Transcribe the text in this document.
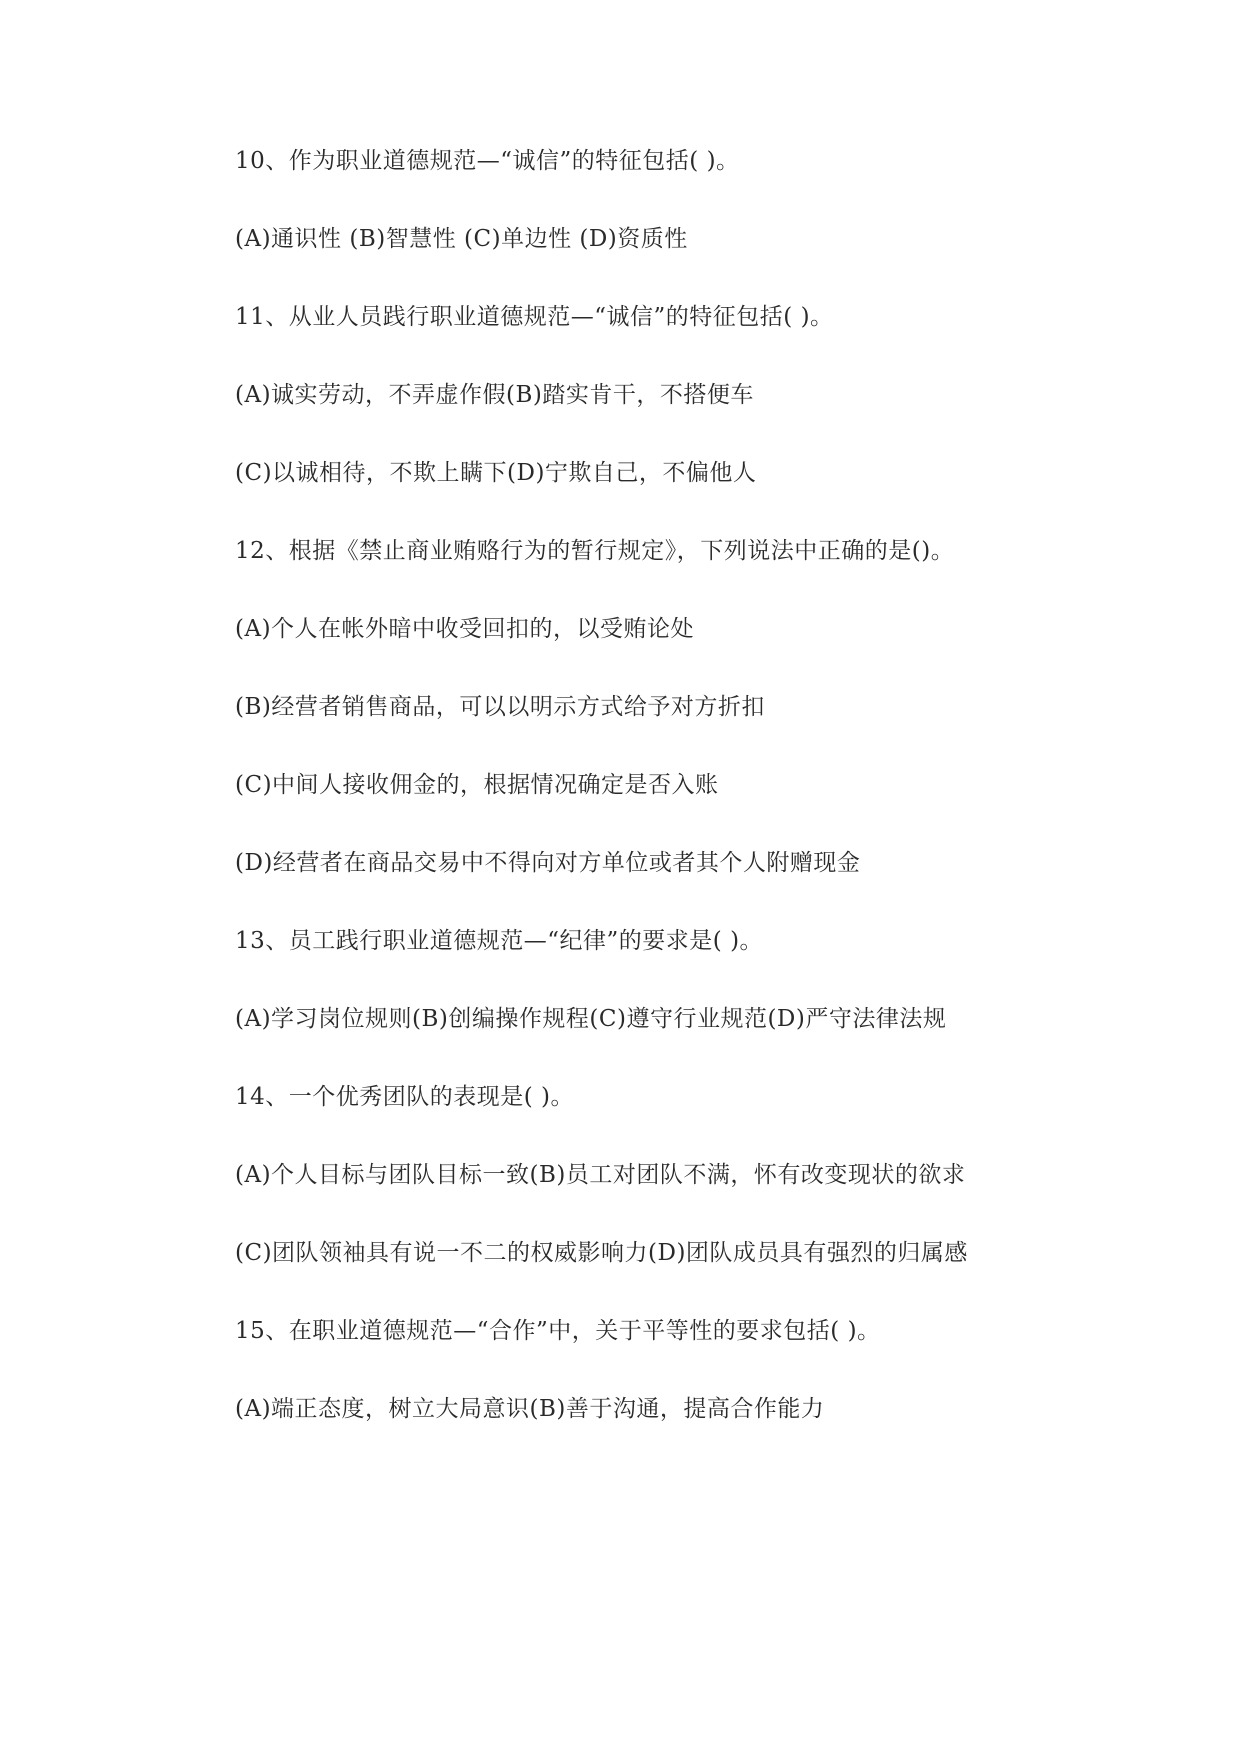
10、作为职业道德规范—“诚信”的特征包括( )。
(A)通识性 (B)智慧性 (C)单边性 (D)资质性
11、从业人员践行职业道德规范—“诚信”的特征包括( )。
(A)诚实劳动，不弄虚作假(B)踏实肯干，不搭便车
(C)以诚相待，不欺上瞒下(D)宁欺自己，不偏他人
12、根据《禁止商业贿赂行为的暂行规定》，下列说法中正确的是()。
(A)个人在帐外暗中收受回扣的，以受贿论处
(B)经营者销售商品，可以以明示方式给予对方折扣
(C)中间人接收佣金的，根据情况确定是否入账
(D)经营者在商品交易中不得向对方单位或者其个人附赠现金
13、员工践行职业道德规范—“纪律”的要求是( )。
(A)学习岗位规则(B)创编操作规程(C)遵守行业规范(D)严守法律法规
14、一个优秀团队的表现是( )。
(A)个人目标与团队目标一致(B)员工对团队不满，怀有改变现状的欲求
(C)团队领袖具有说一不二的权威影响力(D)团队成员具有强烈的归属感
15、在职业道德规范—“合作”中，关于平等性的要求包括( )。
(A)端正态度，树立大局意识(B)善于沟通，提高合作能力
